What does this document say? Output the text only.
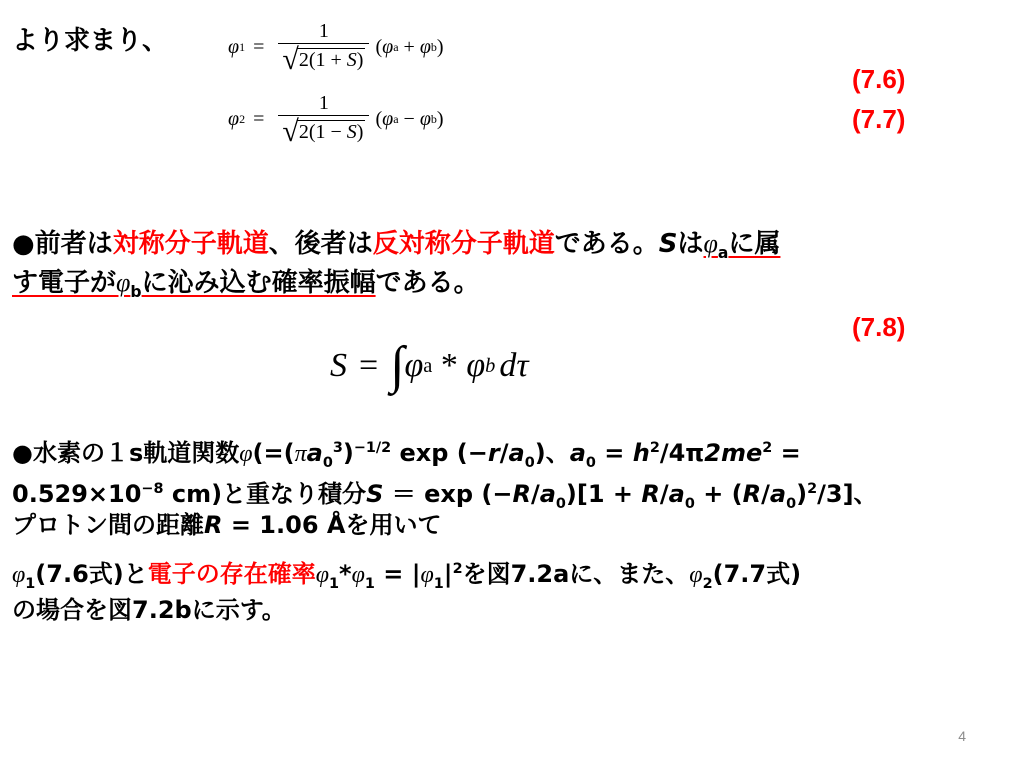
より求まり、	φ $1 = \frac{1}{√ 2(1 + S)}$ ( φ a + φ b )
(7.6)
φ $2 = \frac{1}{√ 2(1 - S)}$ ( φ a − φ b )	(7.7)
●前者は対称分子軌道、後者は反対称分子軌道である。Sは$\varphi_a$に属
す電子が$\varphi_b$に沁み込む確率振幅である。
(7.8)
S = ∫ φ a * φ b d τ
●水素の１s軌道関数$\varphi(=(\pi a_0^3)^{-1/2}$ $\exp (-r/a_0)$、$a_0 = h^2/4\pi 2me^2$ =
$0.529\times 10^{-8}$ cm)と重なり積分$S = \exp (-R/a_0)[1 + R/a_0 + (R/a_0)^2/3]$、
プロトン間の距離R = 1.06 Åを用いて
$\varphi_1(7.6$式)と電子の存在確率$\varphi_1*\varphi_1 = |\varphi_1|^2$を図7.2aに、また、$\varphi_2(7.7$式)
の場合を図7.2bに示す。
4
